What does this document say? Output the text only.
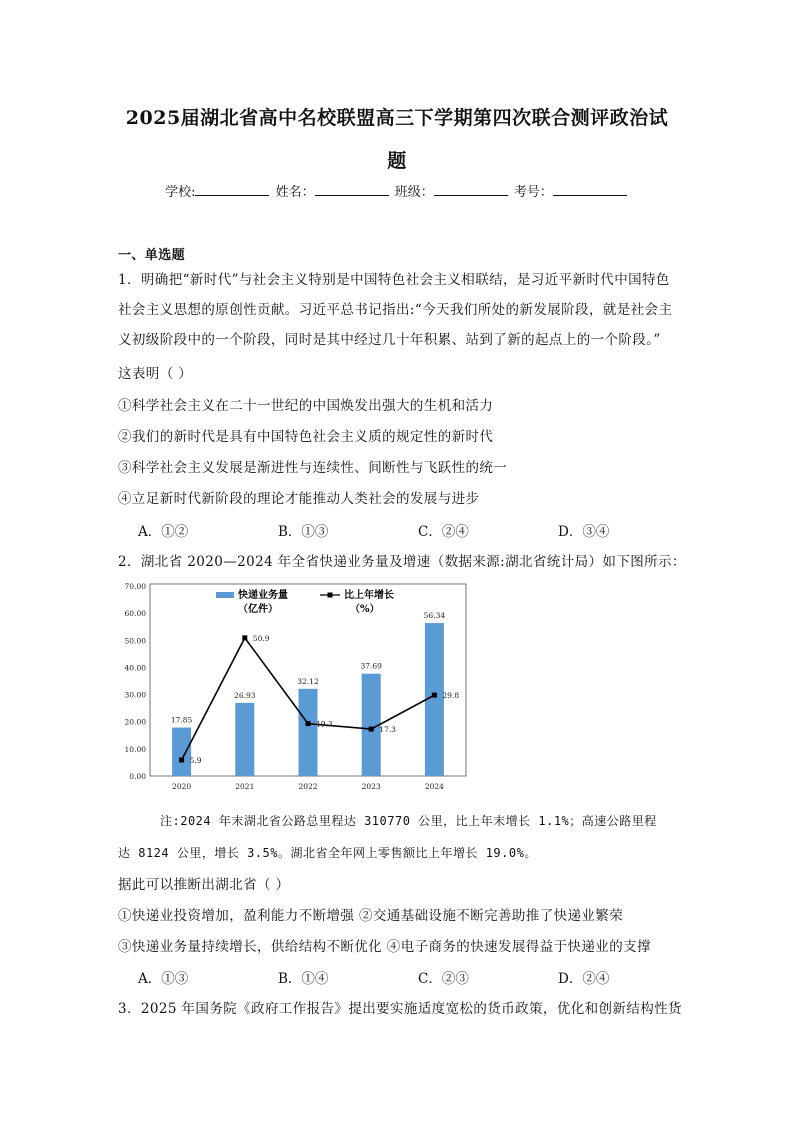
2025届湖北省高中名校联盟高三下学期第四次联合测评政治试
题
学校:	姓名：	班级：	考号：
一、单选题
1．明确把“新时代”与社会主义特别是中国特色社会主义相联结，是习近平新时代中国特色
社会主义思想的原创性贡献。习近平总书记指出:“今天我们所处的新发展阶段，就是社会主
义初级阶段中的一个阶段，同时是其中经过几十年积累、站到了新的起点上的一个阶段。”
这表明（ ）
①科学社会主义在二十一世纪的中国焕发出强大的生机和活力
②我们的新时代是具有中国特色社会主义质的规定性的新时代
③科学社会主义发展是渐进性与连续性、间断性与飞跃性的统一
④立足新时代新阶段的理论才能推动人类社会的发展与进步
A．①②	B．①③	C．②④	D．③④
2．湖北省 2020—2024 年全省快递业务量及增速（数据来源:湖北省统计局）如下图所示：
0.00
10.00
20.00
30.00
40.00
50.00
60.00
70.00
2020	2021	2022	2023	2024
17.85
26.93
32.12
37.69
56.34
5.9
50.9
19.3
17.3
29.8
快递业务量
（亿件）
比上年增长
（%）
注:2024 年末湖北省公路总里程达 310770 公里，比上年末增长 1.1%；高速公路里程
达 8124 公里，增长 3.5%。湖北省全年网上零售额比上年增长 19.0%。
据此可以推断出湖北省（ ）
①快递业投资增加，盈利能力不断增强 ②交通基础设施不断完善助推了快递业繁荣
③快递业务量持续增长，供给结构不断优化 ④电子商务的快速发展得益于快递业的支撑
A．①③	B．①④	C．②③	D．②④
3．2025 年国务院《政府工作报告》提出要实施适度宽松的货币政策，优化和创新结构性货
